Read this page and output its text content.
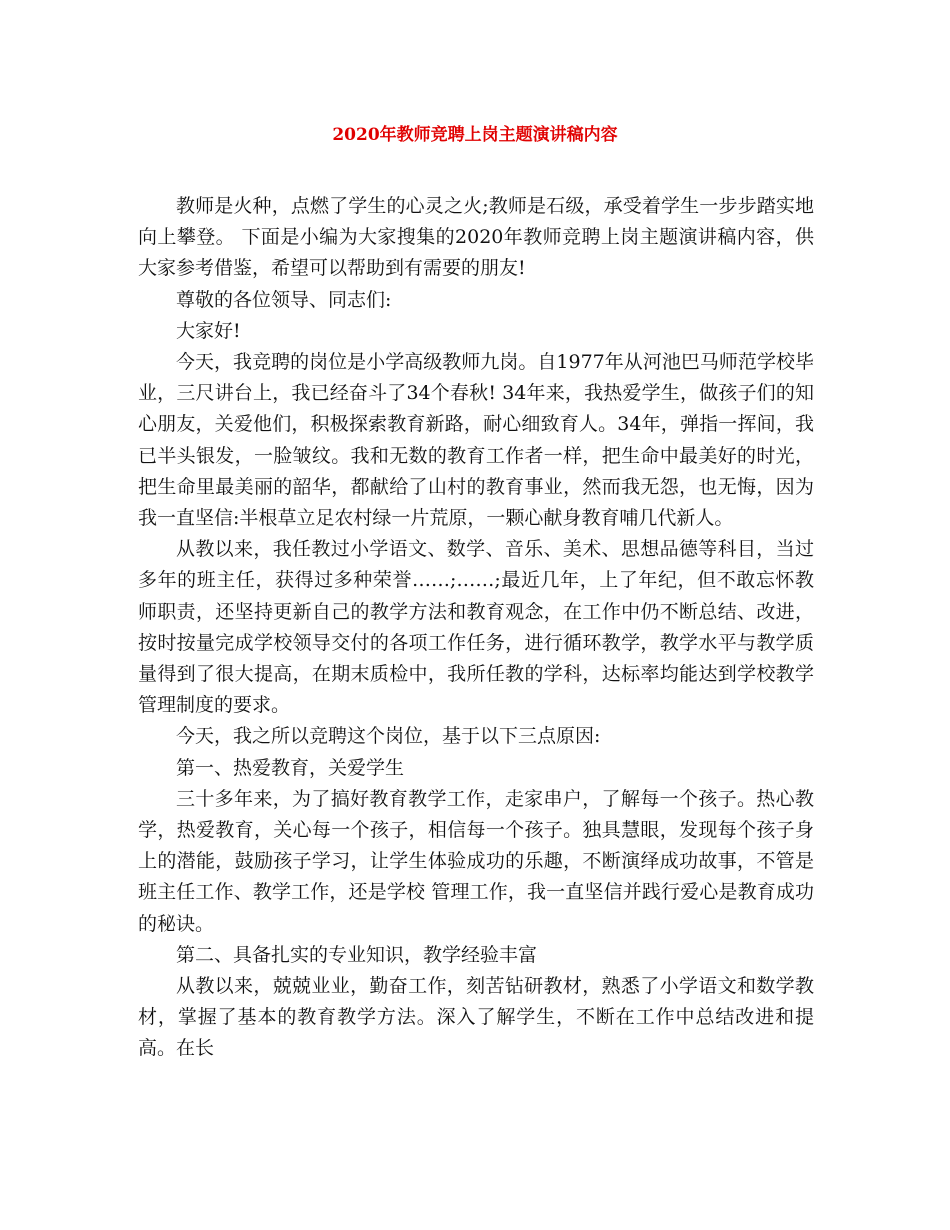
2020年教师竞聘上岗主题演讲稿内容

教师是火种，点燃了学生的心灵之火;教师是石级，承受着学生一步步踏实地向上攀登。 下面是小编为大家搜集的2020年教师竞聘上岗主题演讲稿内容，供大家参考借鉴，希望可以帮助到有需要的朋友!

尊敬的各位领导、同志们:

大家好!

今天，我竞聘的岗位是小学高级教师九岗。自1977年从河池巴马师范学校毕业，三尺讲台上，我已经奋斗了34个春秋! 34年来，我热爱学生，做孩子们的知心朋友，关爱他们，积极探索教育新路，耐心细致育人。34年，弹指一挥间，我已半头银发，一脸皱纹。我和无数的教育工作者一样，把生命中最美好的时光，把生命里最美丽的韶华，都献给了山村的教育事业，然而我无怨，也无悔，因为我一直坚信:半根草立足农村绿一片荒原，一颗心献身教育哺几代新人。

从教以来，我任教过小学语文、数学、音乐、美术、思想品德等科目，当过多年的班主任，获得过多种荣誉……;……;最近几年，上了年纪，但不敢忘怀教师职责，还坚持更新自己的教学方法和教育观念，在工作中仍不断总结、改进，按时按量完成学校领导交付的各项工作任务，进行循环教学，教学水平与教学质量得到了很大提高，在期末质检中，我所任教的学科，达标率均能达到学校教学管理制度的要求。

今天，我之所以竞聘这个岗位，基于以下三点原因:

第一、热爱教育，关爱学生

三十多年来，为了搞好教育教学工作，走家串户，了解每一个孩子。热心教学，热爱教育，关心每一个孩子，相信每一个孩子。独具慧眼，发现每个孩子身上的潜能，鼓励孩子学习，让学生体验成功的乐趣，不断演绎成功故事，不管是班主任工作、教学工作，还是学校 管理工作，我一直坚信并践行爱心是教育成功的秘诀。

第二、具备扎实的专业知识，教学经验丰富

从教以来，兢兢业业，勤奋工作，刻苦钻研教材，熟悉了小学语文和数学教材，掌握了基本的教育教学方法。深入了解学生，不断在工作中总结改进和提高。在长
